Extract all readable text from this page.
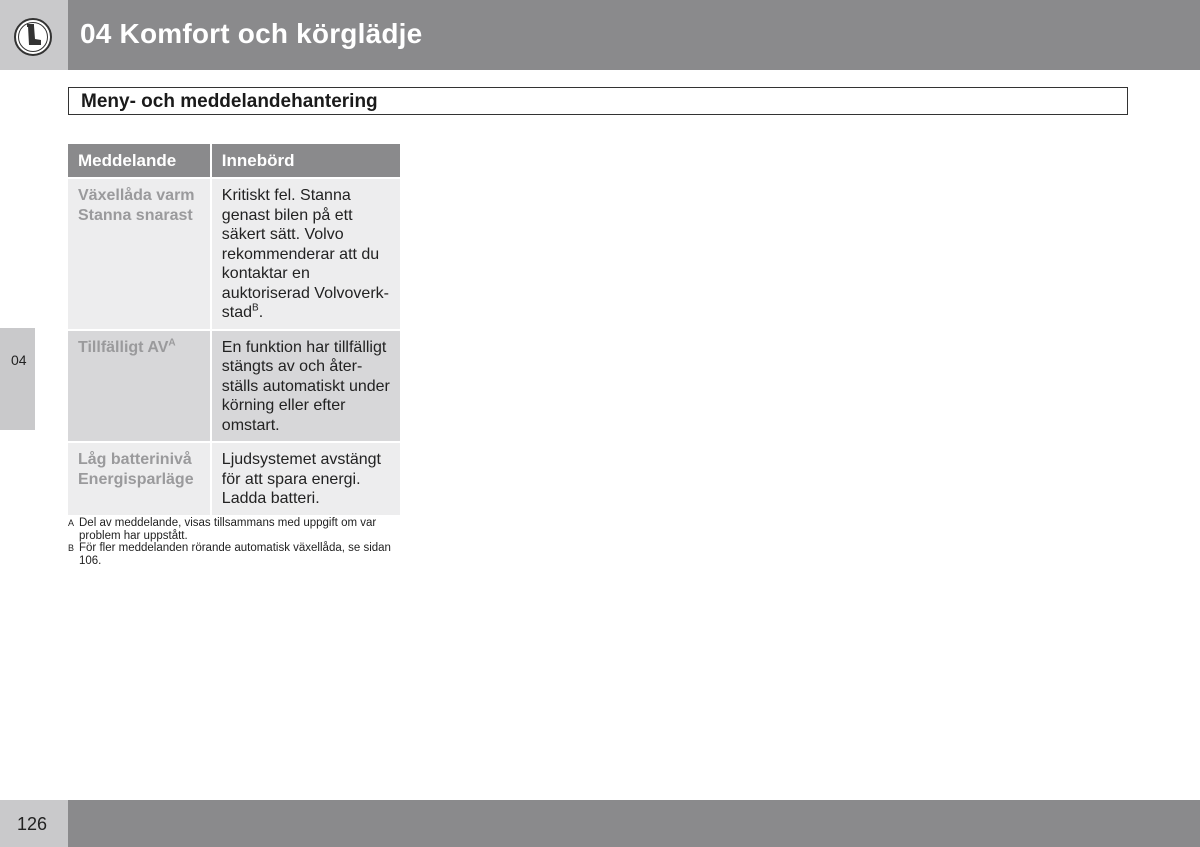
04 Komfort och körglädje
Meny- och meddelandehantering
04
Meddelande	Innebörd

Växellåda varm
Stanna snarast	Kritiskt fel. Stanna genast bilen på ett säkert sätt. Volvo rekommenderar att du kontaktar en auktoriserad Volvoverkstad$^B$.
Tillfälligt $AV^A$	En funktion har tillfälligt stängts av och återställs automatiskt under körning eller efter omstart.

Låg batterinivå
Energisparläge	Ljudsystemet avstängt för att spara energi. Ladda batteri.
A Del av meddelande, visas tillsammans med uppgift om var problem har uppstått.
B För fler meddelanden rörande automatisk växellåda, se sidan 106.
126
